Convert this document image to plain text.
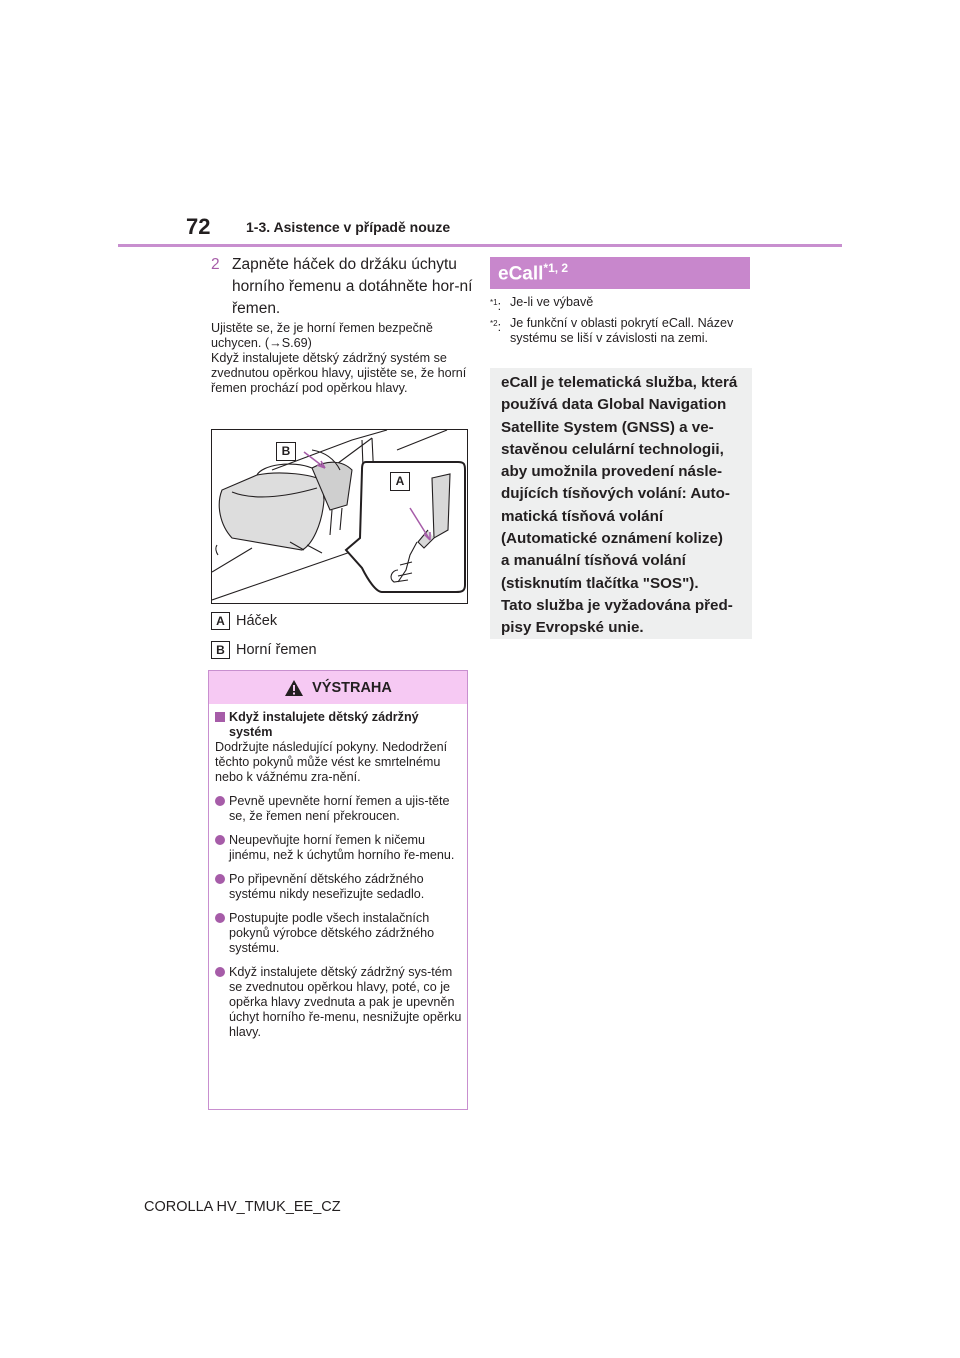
72	1-3. Asistence v případě nouze
2 Zapněte háček do držáku úchytu horního řemenu a dotáhněte hor-ní řemen.
Ujistěte se, že je horní řemen bezpečně uchycen. (→S.69)
Když instalujete dětský zádržný systém se zvednutou opěrkou hlavy, ujistěte se, že horní řemen prochází pod opěrkou hlavy.
B
A
A Háček
B Horní řemen
VÝSTRAHA
Když instalujete dětský zádržný systém
Dodržujte následující pokyny. Nedodržení těchto pokynů může vést ke smrtelnému nebo k vážnému zra-nění.
Pevně upevněte horní řemen a ujis-těte se, že řemen není překroucen.
Neupevňujte horní řemen k ničemu jinému, než k úchytům horního ře-menu.
Po připevnění dětského zádržného systému nikdy neseřizujte sedadlo.
Postupujte podle všech instalačních pokynů výrobce dětského zádržného systému.
Když instalujete dětský zádržný sys-tém se zvednutou opěrkou hlavy, poté, co je opěrka hlavy zvednuta a pak je upevněn úchyt horního ře-menu, nesnižujte opěrku hlavy.
eCall$^{*1, 2}$
$^{*1}$: Je-li ve výbavě
$^{*2}$: Je funkční v oblasti pokrytí eCall. Název systému se liší v závislosti na zemi.

eCall je telematická služba, která

používá data Global Navigation

Satellite System (GNSS) a ve-

stavěnou celulární technologii,

aby umožnila provedení násle-

dujících tísňových volání: Auto-

matická tísňová volání

(Automatické oznámení kolize)

a manuální tísňová volání

(stisknutím tlačítka "SOS").

Tato služba je vyžadována před-

pisy Evropské unie.

COROLLA HV_TMUK_EE_CZ
